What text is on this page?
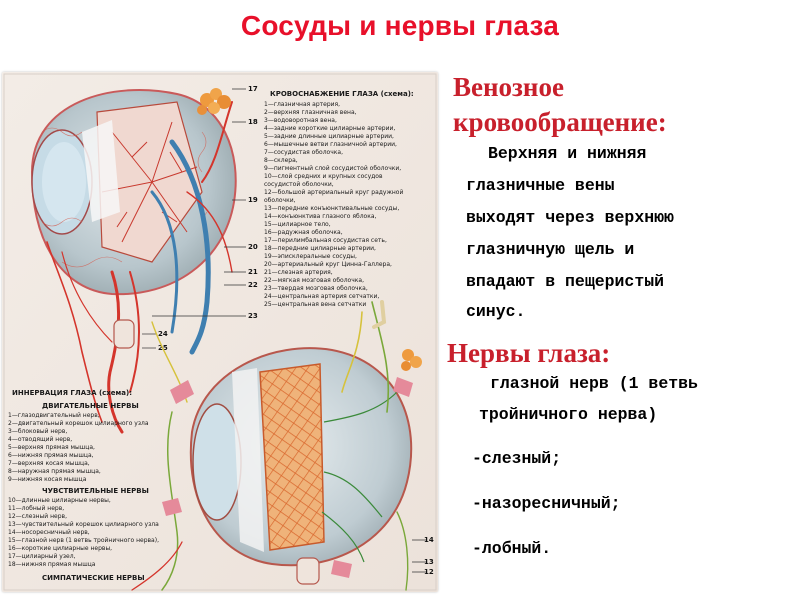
Сосуды и нервы глаза
17
18
19
20
21
22
23
24
25
КРОВОСНАБЖЕНИЕ ГЛАЗА (схема):
1—глазничная артерия,
2—верхняя глазничная вена,
3—водоворотная вена,
4—задние короткие цилиарные артерии,
5—задние длинные цилиарные артерии,
6—мышечные ветви глазничной артерии,
7—сосудистая оболочка,
8—склера,
9—пигментный слой сосудистой оболочки,
10—слой средних и крупных сосудов
сосудистой оболочки,
12—большой артериальный круг радужной
оболочки,
13—передние конъюнктивальные сосуды,
14—конъюнктива глазного яблока,
15—цилиарное тело,
16—радужная оболочка,
17—перилимбальная сосудистая сеть,
18—передние цилиарные артерии,
19—эписклеральные сосуды,
20—артериальный круг Цинна-Галлера,
21—слезная артерия,
22—мягкая мозговая оболочка,
23—твердая мозговая оболочка,
24—центральная артерия сетчатки,
25—центральная вена сетчатки
14
13
12
ИННЕРВАЦИЯ ГЛАЗА (схема):
ДВИГАТЕЛЬНЫЕ НЕРВЫ
1—глазодвигательный нерв,
2—двигательный корешок цилиарного узла
3—блоковый нерв,
4—отводящий нерв,
5—верхняя прямая мышца,
6—нижняя прямая мышца,
7—верхняя косая мышца,
8—наружная прямая мышца,
9—нижняя косая мышца
ЧУВСТВИТЕЛЬНЫЕ НЕРВЫ
10—длинные цилиарные нервы,
11—лобный нерв,
12—слезный нерв,
13—чувствительный корешок цилиарного узла
14—носоресничный нерв,
15—глазной нерв (1 ветвь тройничного нерва),
16—короткие цилиарные нервы,
17—цилиарный узел,
18—нижняя прямая мышца
СИМПАТИЧЕСКИЕ НЕРВЫ
Венозное
кровообращение:
Верхняя и нижняя
глазничные вены
выходят через верхнюю
глазничную щель и
впадают в пещеристый
синус.
Нервы глаза:
глазной нерв (1 ветвь
тройничного нерва)
-слезный;
-назоресничный;
-лобный.
